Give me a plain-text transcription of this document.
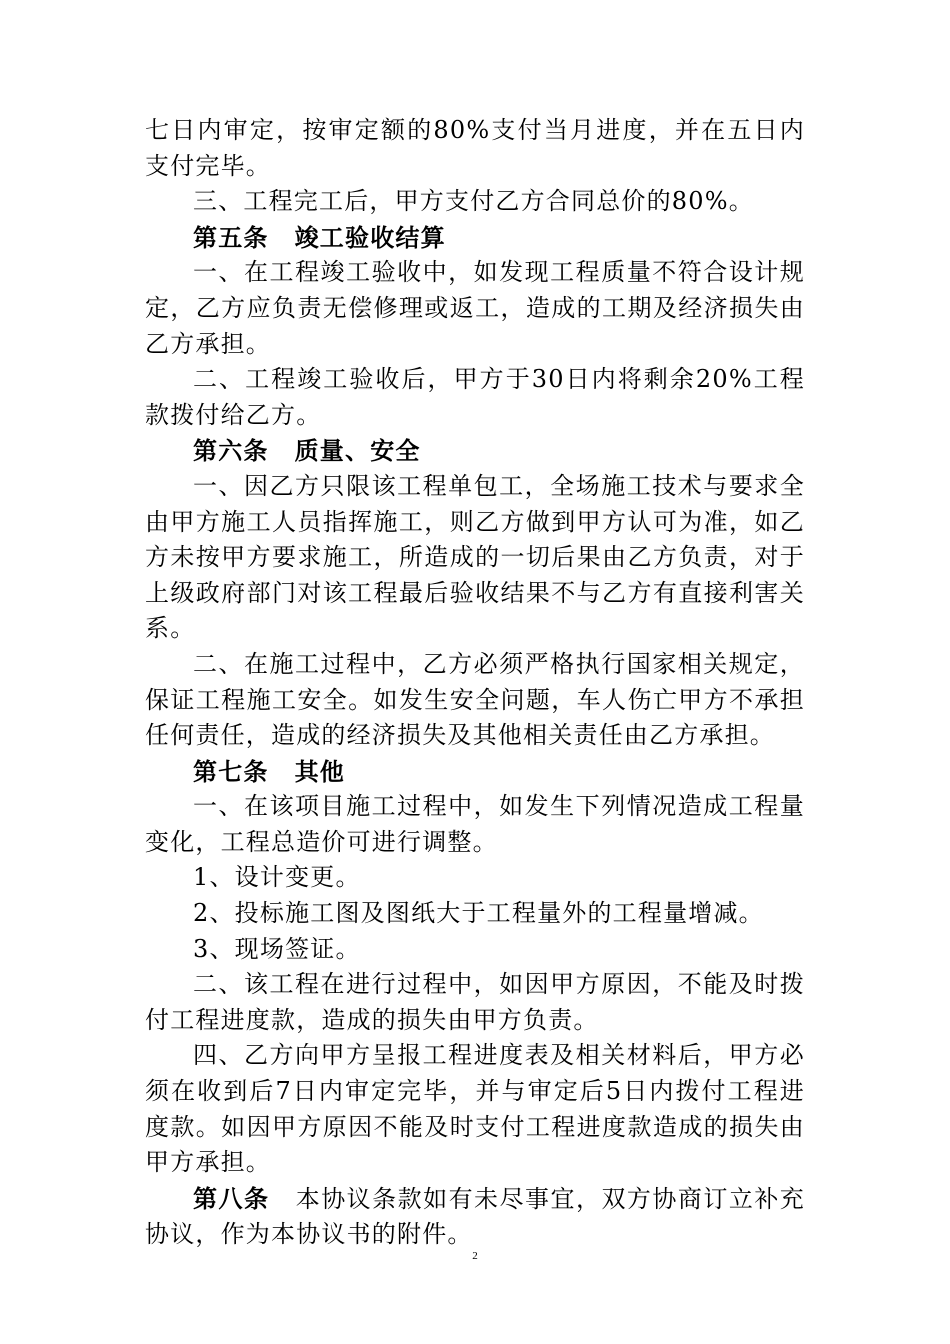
七日内审定，按审定额的80%支付当月进度，并在五日内支付完毕。

三、工程完工后，甲方支付乙方合同总价的80%。

第五条 竣工验收结算

一、在工程竣工验收中，如发现工程质量不符合设计规定，乙方应负责无偿修理或返工，造成的工期及经济损失由乙方承担。

二、工程竣工验收后，甲方于30日内将剩余20%工程款拨付给乙方。

第六条 质量、安全

一、因乙方只限该工程单包工，全场施工技术与要求全由甲方施工人员指挥施工，则乙方做到甲方认可为准，如乙方未按甲方要求施工，所造成的一切后果由乙方负责，对于上级政府部门对该工程最后验收结果不与乙方有直接利害关系。

二、在施工过程中，乙方必须严格执行国家相关规定，保证工程施工安全。如发生安全问题，车人伤亡甲方不承担任何责任，造成的经济损失及其他相关责任由乙方承担。

第七条 其他

一、在该项目施工过程中，如发生下列情况造成工程量变化，工程总造价可进行调整。

1、设计变更。

2、投标施工图及图纸大于工程量外的工程量增减。

3、现场签证。

二、该工程在进行过程中，如因甲方原因，不能及时拨付工程进度款，造成的损失由甲方负责。

四、乙方向甲方呈报工程进度表及相关材料后，甲方必须在收到后7日内审定完毕，并与审定后5日内拨付工程进度款。如因甲方原因不能及时支付工程进度款造成的损失由甲方承担。

第八条 本协议条款如有未尽事宜，双方协商订立补充协议，作为本协议书的附件。

2
